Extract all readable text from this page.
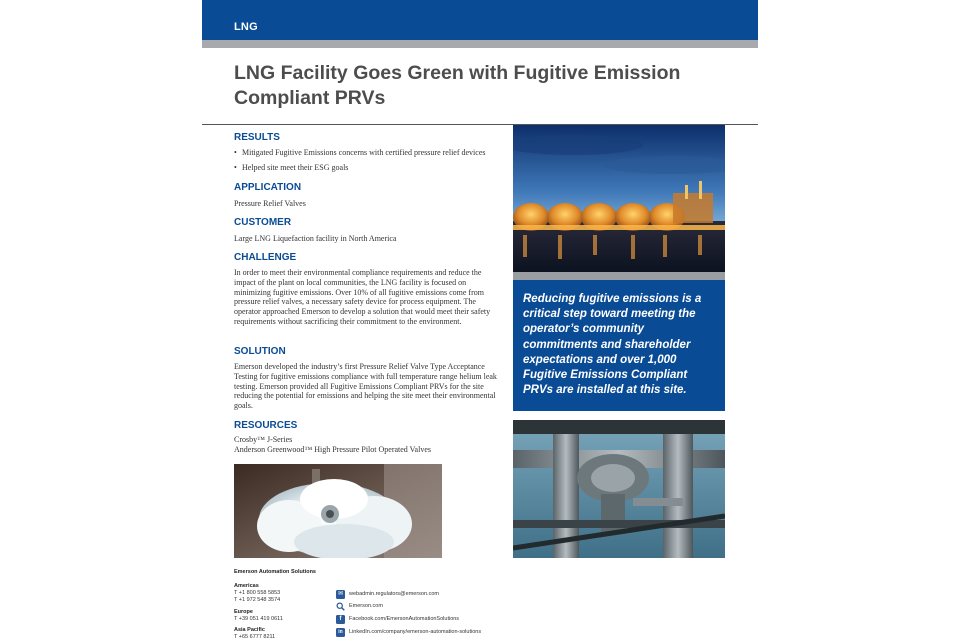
LNG
LNG Facility Goes Green with Fugitive Emission Compliant PRVs
RESULTS
• Mitigated Fugitive Emissions concerns with certified pressure relief devices
• Helped site meet their ESG goals
APPLICATION

Pressure Relief Valves

CUSTOMER

Large LNG Liquefaction facility in North America

CHALLENGE

In order to meet their environmental compliance requirements and reduce the impact of the plant on local communities, the LNG facility is focused on minimizing fugitive emissions. Over 10% of all fugitive emissions come from pressure relief valves, a necessary safety device for process equipment. The operator approached Emerson to develop a solution that would meet their safety requirements without sacrificing their commitment to the environment.

SOLUTION

Emerson developed the industry’s first Pressure Relief Valve Type Acceptance Testing for fugitive emissions compliance with full temperature range helium leak testing. Emerson provided all Fugitive Emissions Compliant PRVs for the site reducing the potential for emissions and helping the site meet their environmental goals.

RESOURCES

Crosby™ J-Series

Anderson Greenwood™ High Pressure Pilot Operated Valves

Emerson Automation Solutions
Americas
T +1 800 558 5853
T +1 972 548 3574
Europe
T +39 051 419 0611
Asia Pacific
T +65 6777 8211
✉	webadmin.regulators@emerson.com
Emerson.com
f	Facebook.com/EmersonAutomationSolutions
in	LinkedIn.com/company/emerson-automation-solutions

Reducing fugitive emissions is a critical step toward meeting the operator’s community commitments and shareholder expectations and over 1,000 Fugitive Emissions Compliant PRVs are installed at this site.
